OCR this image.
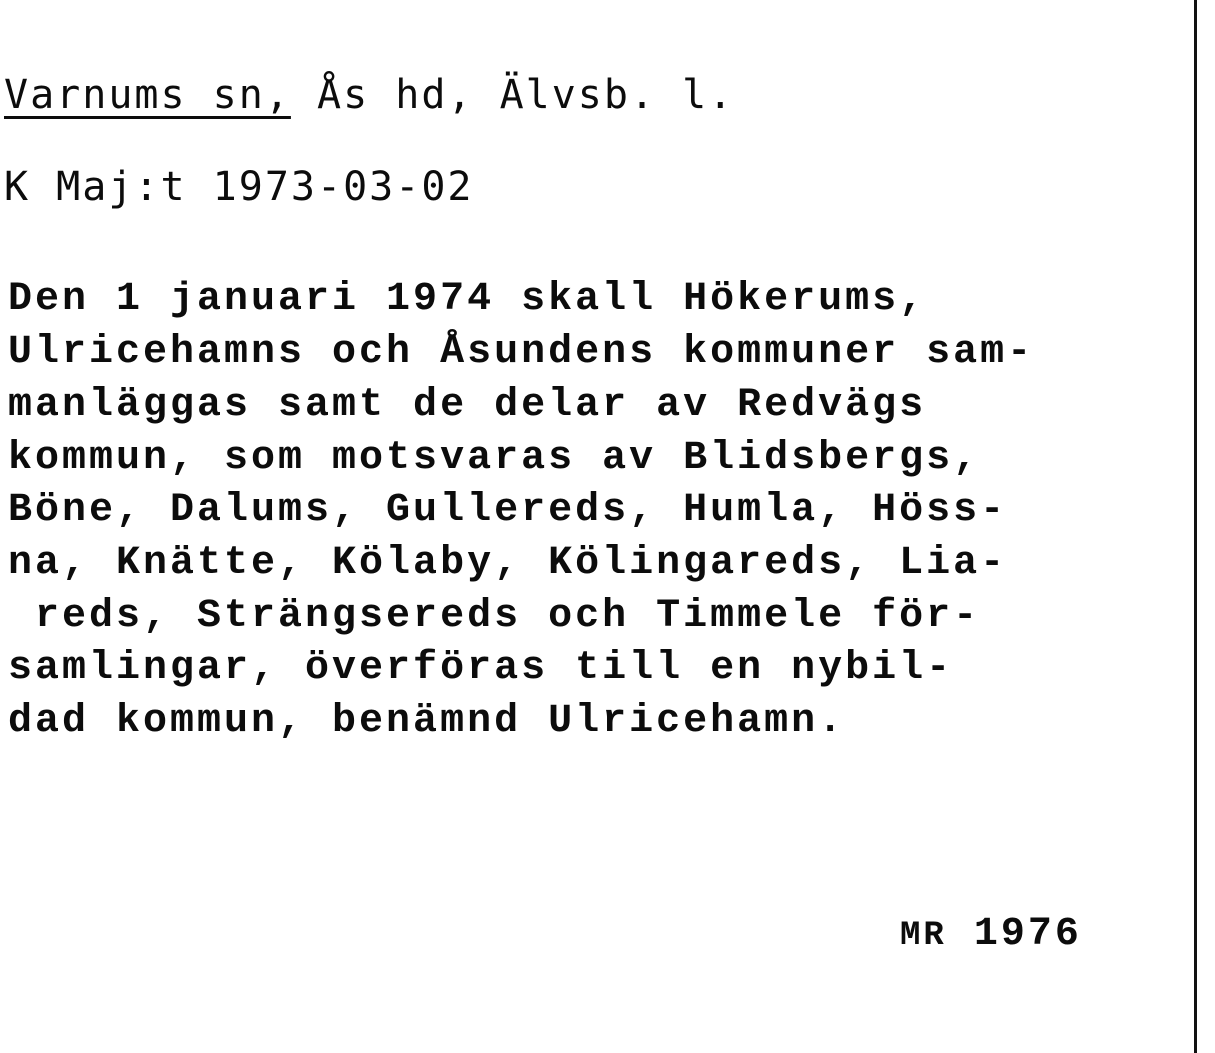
Varnums sn, Ås hd, Älvsb. l.

K Maj:t 1973-03-02

Den 1 januari 1974 skall Hökerums,

Ulricehamns och Åsundens kommuner sam-

manläggas samt de delar av Redvägs

kommun, som motsvaras av Blidsbergs,

Böne, Dalums, Gullereds, Humla, Höss-

na, Knätte, Kölaby, Kölingareds, Lia-

reds, Strängsereds och Timmele för-

samlingar, överföras till en nybil-

dad kommun, benämnd Ulricehamn.

MR 1976
